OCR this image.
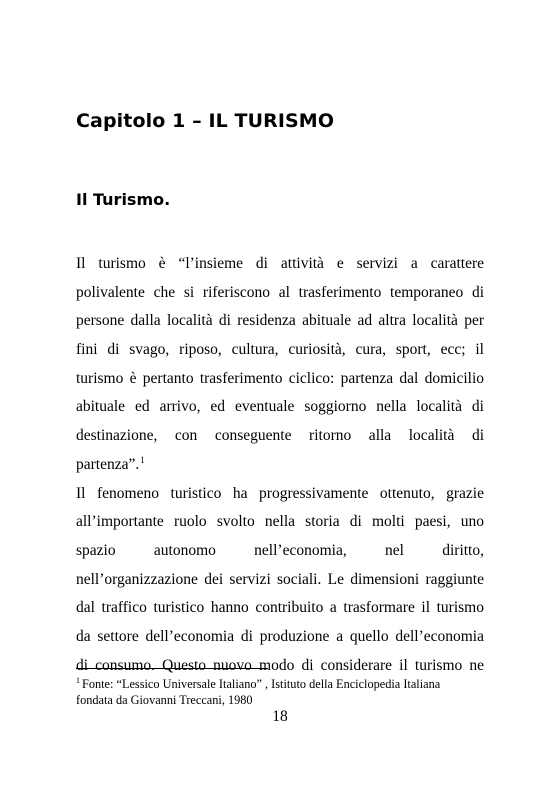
Capitolo 1 – IL TURISMO
Il Turismo.
Il turismo è “l’insieme di attività e servizi a carattere
polivalente che si riferiscono al trasferimento temporaneo di
persone dalla località di residenza abituale ad altra località per
fini di svago, riposo, cultura, curiosità, cura, sport, ecc; il
turismo è pertanto trasferimento ciclico: partenza dal domicilio
abituale ed arrivo, ed eventuale soggiorno nella località di
destinazione, con conseguente ritorno alla località di
partenza”.$^1$
Il fenomeno turistico ha progressivamente ottenuto, grazie
all’importante ruolo svolto nella storia di molti paesi, uno
spazio autonomo nell’economia, nel diritto,
nell’organizzazione dei servizi sociali. Le dimensioni raggiunte
dal traffico turistico hanno contribuito a trasformare il turismo
da settore dell’economia di produzione a quello dell’economia
di consumo. Questo nuovo modo di considerare il turismo ne
$^1$ Fonte: “Lessico Universale Italiano” , Istituto della Enciclopedia Italiana
fondata da Giovanni Treccani, 1980
18
